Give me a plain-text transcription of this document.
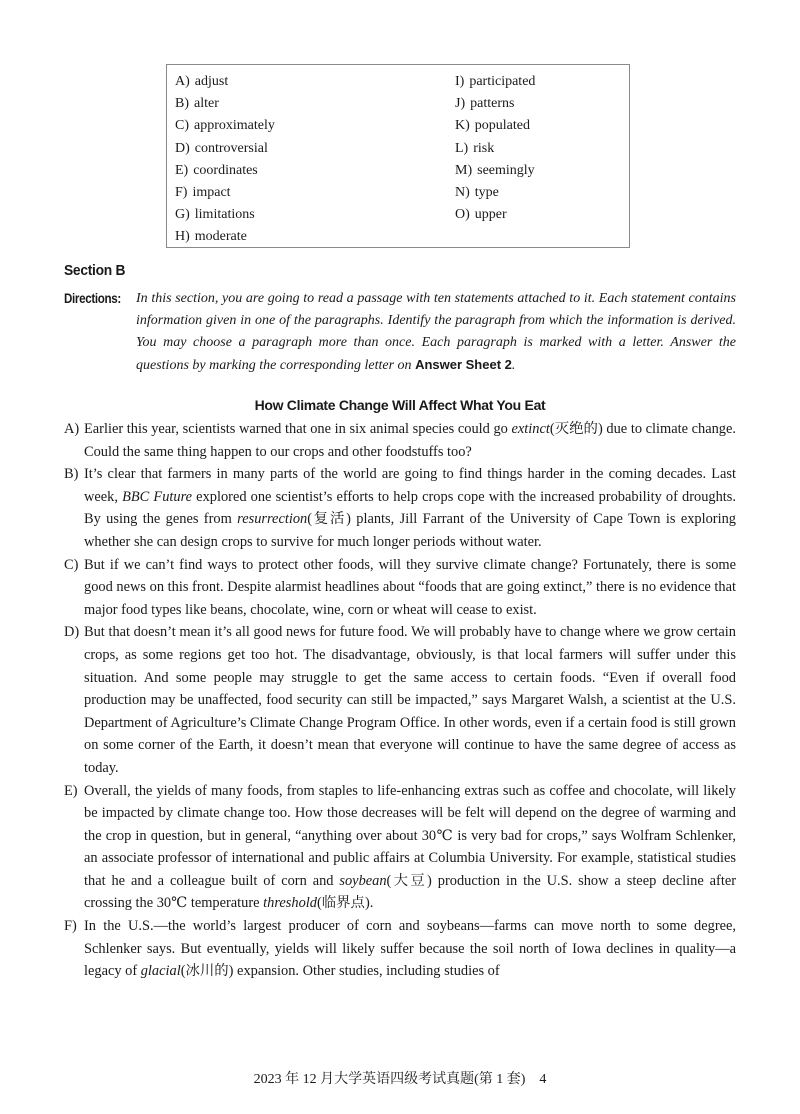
A) adjust
B) alter
C) approximately
D) controversial
E) coordinates
F) impact
G) limitations
H) moderate
I) participated
J) patterns
K) populated
L) risk
M) seemingly
N) type
O) upper
Section B
Directions: In this section, you are going to read a passage with ten statements attached to it. Each statement contains information given in one of the paragraphs. Identify the paragraph from which the information is derived. You may choose a paragraph more than once. Each paragraph is marked with a letter. Answer the questions by marking the corresponding letter on Answer Sheet 2.
How Climate Change Will Affect What You Eat
A) Earlier this year, scientists warned that one in six animal species could go extinct(灭绝的) due to climate change. Could the same thing happen to our crops and other foodstuffs too?
B) It’s clear that farmers in many parts of the world are going to find things harder in the coming decades. Last week, BBC Future explored one scientist’s efforts to help crops cope with the increased probability of droughts. By using the genes from resurrection(复活) plants, Jill Farrant of the University of Cape Town is exploring whether she can design crops to survive for much longer periods without water.
C) But if we can’t find ways to protect other foods, will they survive climate change? Fortunately, there is some good news on this front. Despite alarmist headlines about “foods that are going extinct,” there is no evidence that major food types like beans, chocolate, wine, corn or wheat will cease to exist.
D) But that doesn’t mean it’s all good news for future food. We will probably have to change where we grow certain crops, as some regions get too hot. The disadvantage, obviously, is that local farmers will suffer under this situation. And some people may struggle to get the same access to certain foods. “Even if overall food production may be unaffected, food security can still be impacted,” says Margaret Walsh, a scientist at the U.S. Department of Agriculture’s Climate Change Program Office. In other words, even if a certain food is still grown on some corner of the Earth, it doesn’t mean that everyone will continue to have the same degree of access as today.
E) Overall, the yields of many foods, from staples to life-enhancing extras such as coffee and chocolate, will likely be impacted by climate change too. How those decreases will be felt will depend on the degree of warming and the crop in question, but in general, “anything over about 30℃ is very bad for crops,” says Wolfram Schlenker, an associate professor of international and public affairs at Columbia University. For example, statistical studies that he and a colleague built of corn and soybean(大豆) production in the U.S. show a steep decline after crossing the 30℃ temperature threshold(临界点).
F) In the U.S.—the world’s largest producer of corn and soybeans—farms can move north to some degree, Schlenker says. But eventually, yields will likely suffer because the soil north of Iowa declines in quality—a legacy of glacial(冰川的) expansion. Other studies, including studies of
2023 年 12 月大学英语四级考试真题(第 1 套)　4
